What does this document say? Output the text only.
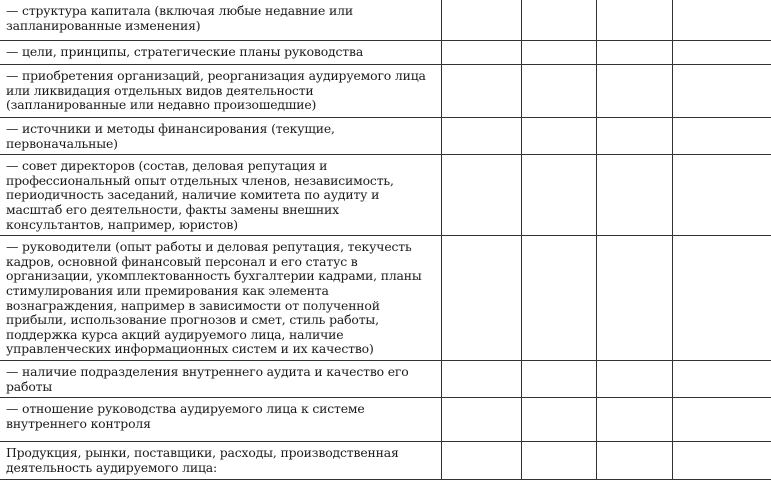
— структура капитала (включая любые недавние или запланированные изменения)				

— цели, принципы, стратегические планы руководства				

— приобретения организаций, реорганизация аудируемого лица или ликвидация отдельных видов деятельности (запланированные или недавно произошедшие)				

— источники и методы финансирования (текущие, первоначальные)				

— совет директоров (состав, деловая репутация и профессиональный опыт отдельных членов, независимость, периодичность заседаний, наличие комитета по аудиту и масштаб его деятельности, факты замены внешних консультантов, например, юристов)				

— руководители (опыт работы и деловая репутация, текучесть кадров, основной финансовый персонал и его статус в организации, укомплектованность бухгалтерии кадрами, планы стимулирования или премирования как элемента вознаграждения, например в зависимости от полученной прибыли, использование прогнозов и смет, стиль работы, поддержка курса акций аудируемого лица, наличие управленческих информационных систем и их качество)				

— наличие подразделения внутреннего аудита и качество его работы				

— отношение руководства аудируемого лица к системе внутреннего контроля				

Продукция, рынки, поставщики, расходы, производственная деятельность аудируемого лица:				
